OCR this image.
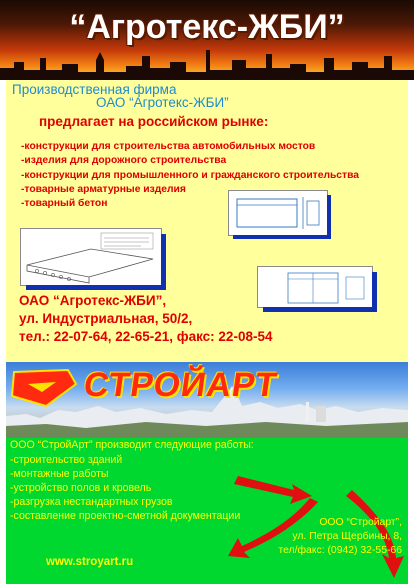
“Агротекс-ЖБИ”

Производственная фирма

ОАО “Агротекс-ЖБИ”

предлагает на российском рынке:

-конструкции для строительства автомобильных мостов
-изделия для дорожного строительства
-конструкции для промышленного и гражданского строительства
-товарные арматурные изделия
-товарный бетон
ОАО “Агротекс-ЖБИ”,
ул. Индустриальная, 50/2,
тел.: 22-07-64, 22-65-21, факс: 22-08-54

СТРОЙАРТ

ООО “СтройАрт” производит следующие работы:

-строительство зданий
-монтажные работы
-устройство полов и кровель
-разгрузка нестандартных грузов
-составление проектно-сметной документации

www.stroyart.ru

ООО “Стройарт”,
ул. Петра Щербины, 8,
тел/факс: (0942) 32-55-66
